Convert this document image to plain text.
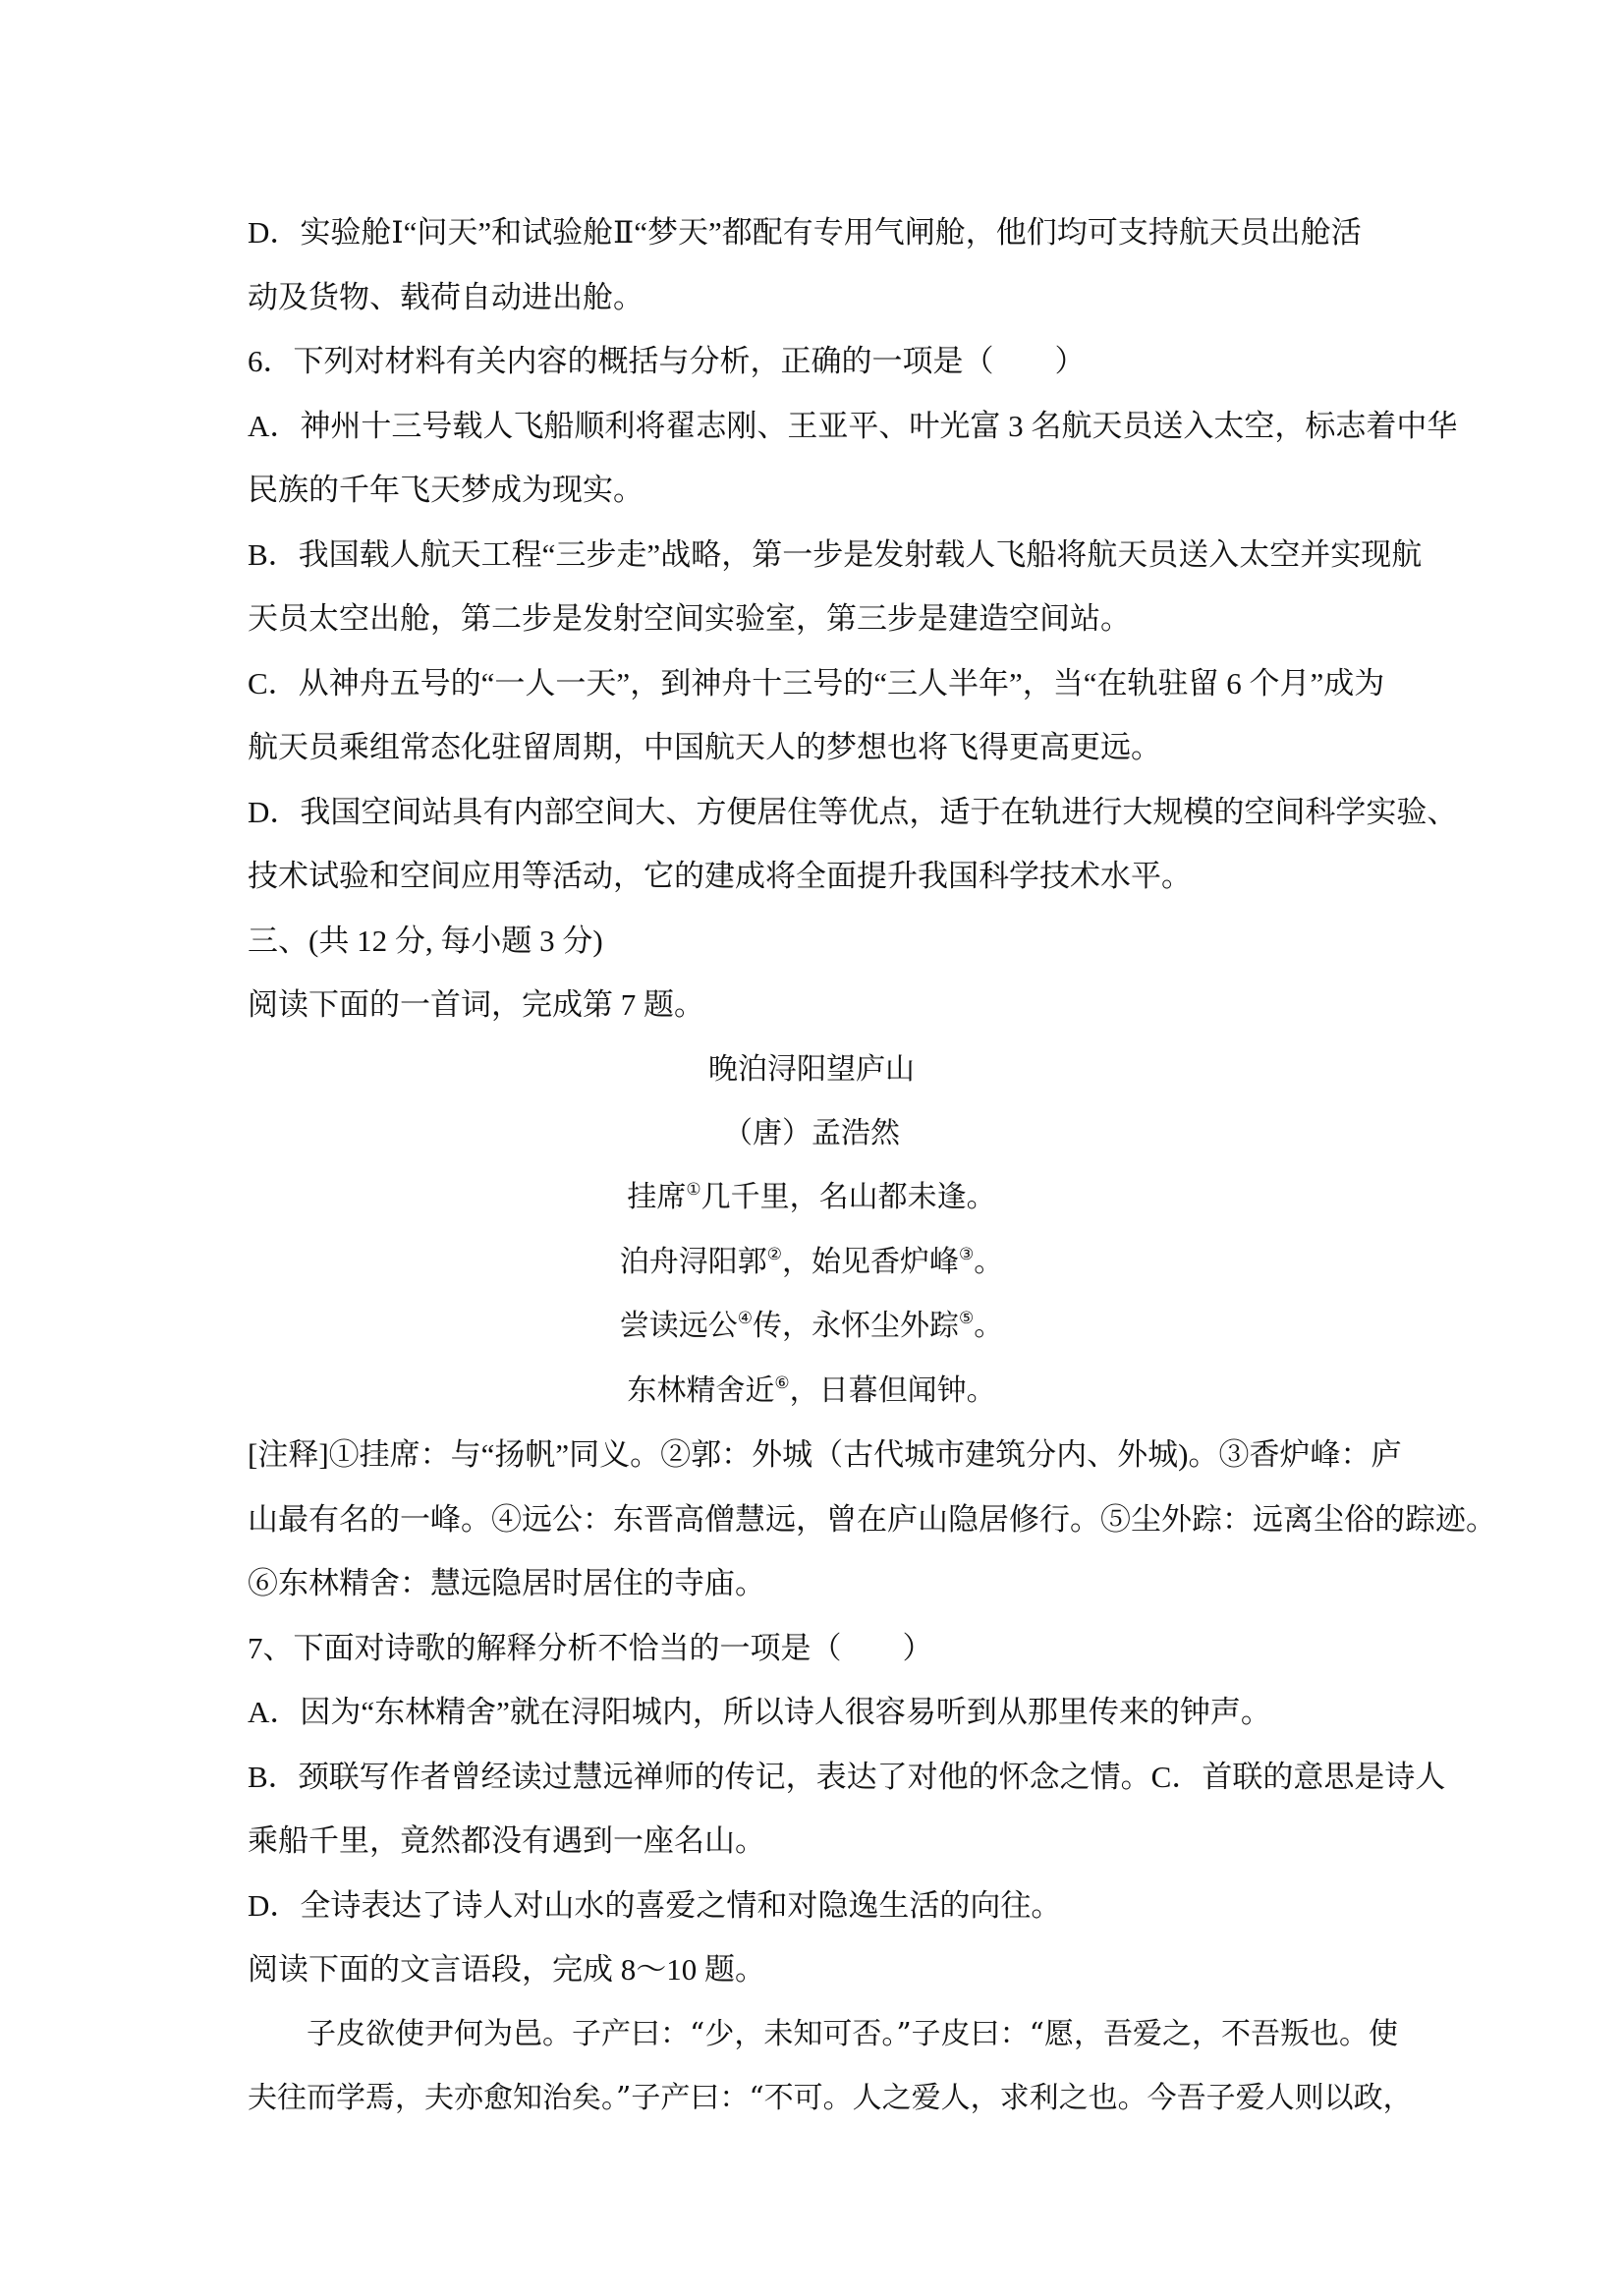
D．实验舱Ⅰ“问天”和试验舱Ⅱ“梦天”都配有专用气闸舱，他们均可支持航天员出舱活
动及货物、载荷自动进出舱。
6．下列对材料有关内容的概括与分析，正确的一项是（　　）
A．神州十三号载人飞船顺利将翟志刚、王亚平、叶光富 3 名航天员送入太空，标志着中华
民族的千年飞天梦成为现实。
B．我国载人航天工程“三步走”战略，第一步是发射载人飞船将航天员送入太空并实现航
天员太空出舱，第二步是发射空间实验室，第三步是建造空间站。
C．从神舟五号的“一人一天”，到神舟十三号的“三人半年”，当“在轨驻留 6 个月”成为
航天员乘组常态化驻留周期，中国航天人的梦想也将飞得更高更远。
D．我国空间站具有内部空间大、方便居住等优点，适于在轨进行大规模的空间科学实验、
技术试验和空间应用等活动，它的建成将全面提升我国科学技术水平。
三、(共 12 分, 每小题 3 分)
阅读下面的一首词，完成第 7 题。
晚泊浔阳望庐山
（唐）孟浩然
挂席①几千里，名山都未逢。
泊舟浔阳郭②，始见香炉峰③。
尝读远公④传，永怀尘外踪⑤。
东林精舍近⑥，日暮但闻钟。
[注释]①挂席：与“扬帆”同义。②郭：外城（古代城市建筑分内、外城)。③香炉峰：庐
山最有名的一峰。④远公：东晋高僧慧远，曾在庐山隐居修行。⑤尘外踪：远离尘俗的踪迹。
⑥东林精舍：慧远隐居时居住的寺庙。
7、下面对诗歌的解释分析不恰当的一项是（　　）
A．因为“东林精舍”就在浔阳城内，所以诗人很容易听到从那里传来的钟声。
B．颈联写作者曾经读过慧远禅师的传记，表达了对他的怀念之情。C．首联的意思是诗人
乘船千里，竟然都没有遇到一座名山。
D．全诗表达了诗人对山水的喜爱之情和对隐逸生活的向往。
阅读下面的文言语段，完成 8～10 题。
　　子皮欲使尹何为邑。子产曰：“少，未知可否。”子皮曰：“愿，吾爱之，不吾叛也。使
夫往而学焉，夫亦愈知治矣。”子产曰：“不可。人之爱人，求利之也。今吾子爱人则以政，
